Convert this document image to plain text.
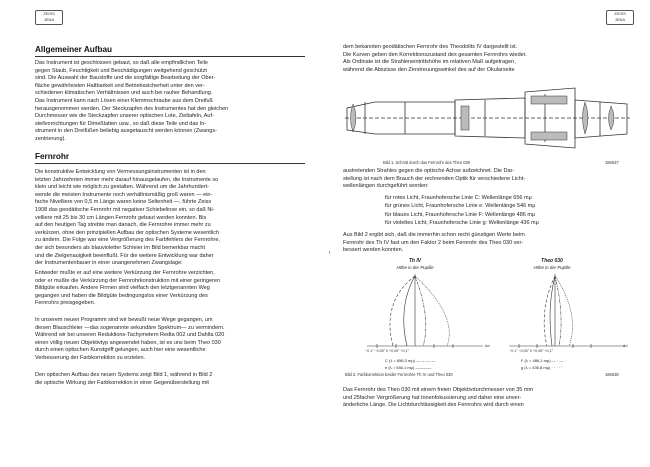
ZEISS
JENA
Allgemeiner Aufbau
Das Instrument ist geschlossen gebaut, so daß alle empfindlichen Teile
gegen Staub, Feuchtigkeit und Beschädigungen weitgehend geschützt
sind. Die Auswahl der Baustoffe und die sorgfältige Bearbeitung der Ober-
fläche gewährleisten Haltbarkeit und Betriebssicherheit unter den ver-
schiedenen klimatischen Verhältnissen und auch bei rauher Behandlung.
Das Instrument kann nach Lösen einer Klemmschraube aus dem Dreifuß
herausgenommen werden. Der Steckzapfen des Instrumentes hat den gleichen
Durchmesser wie die Steckzapfen unserer optischen Lote, Zieltafeln, Auf-
stellvorrichtungen für Dimeßlatten usw., so daß diese Teile und das In-
strument in den Dreifüßen beliebig ausgetauscht werden können (Zwangs-
zentrierung).
Fernrohr
Die konstruktive Entwicklung von Vermessungsinstrumenten ist in den
letzten Jahrzehnten immer mehr darauf hinausgelaufen, die Instrumente so
klein und leicht wie möglich zu gestalten. Während um die Jahrhundert-
wende die meisten Instrumente noch verhältnismäßig groß waren — ein-
fache Nivelliere von 0,5 m Länge waren keine Seltenheit —, führte Zeiss
1908 das geodätische Fernrohr mit negativer Schiebelinse ein, so daß Ni-
velliere mit 25 bis 30 cm Längen Fernrohr gebaut werden konnten. Bis
auf den heutigen Tag strebte man danach, die Fernrohre immer mehr zu
verkürzen, ohne den prinzipiellen Aufbau der optischen Systeme wesentlich
zu ändern. Die Folge war eine Vergrößerung des Farbfehlers der Fernrohre,
der sich besonders als blauvioletter Schleier im Bild bemerkbar macht
und die Zielgenauigkeit beeinflußt. Für die weitere Entwicklung war daher
der Instrumentenbauer in einer unangenehmen Zwangslage:
Entweder mußte er auf eine weitere Verkürzung der Fernrohre verzichten,
oder er mußte die Verkürzung der Fernrohrkonstruktion mit einer geringeren
Bildgüte erkaufen. Andere Firmen sind vielfach den letztgenannten Weg
gegangen und haben die Bildgüte bedingungslos einer Verkürzung des
Fernrohrs preisgegeben.
In unserem neuen Programm sind wir bewußt neue Wege gegangen, um
diesen Blauschleier —das sogenannte sekundäre Spektrum— zu vermindern.
Während wir bei unseren Reduktions-Tachymetern Redta 002 und Dahlta 020
einen völlig neuen Objektivtyp angewendet haben, ist es uns beim Theo 030
durch einen optischen Kunstgriff gelungen, auch hier eine wesentliche
Verbesserung der Farbkorrektion zu erzielen.
Den optischen Aufbau des neuen Systems zeigt Bild 1, während in Bild 2
die optische Wirkung der Farbkorrektion in einer Gegenüberstellung mit
ZEISS
JENA
dem bekannten geodätischen Fernrohr des Theodolits IV dargestellt ist.
Die Kurven geben den Korrektionszustand des gesamten Fernrohrs wieder.
Als Ordinate ist die Strahleneintrittshöhe im relativen Maß aufgetragen,
während die Abszisse den Zerstreuungswinkel des auf der Okularseite
Bild 1. Schnitt durch das Fernrohr des Theo 030	186537
austretenden Strahles gegen die optische Achse aufzeichnet. Die Dar-
stellung ist nach dem Brauch der rechnenden Optik für verschiedene Licht-
wellenlängen durchgeführt worden:
für rotes Licht, Fraunhofersche Linie C: Wellenlänge 656 mμ
für grünes Licht, Fraunhofersche Linie e: Wellenlänge 546 mμ
für blaues Licht, Fraunhofersche Linie F: Wellenlänge 486 mμ
für violettes Licht, Fraunhofersche Linie g: Wellenlänge 436 mμ
Aus Bild 2 ergibt sich, daß die immerhin schon recht günstigen Werte beim
Fernrohr des Th IV fast um den Faktor 2 beim Fernrohr des Theo 030 ver-
bessert werden konnten.
Th IV
Höhe in der Pupille
Theo 030
Höhe in der Pupille
−0,1° −0,05° 0 +0,05° +0,1°
Δα'
−0,1° −0,05° 0 +0,05° +0,1°
Δα'
C (λ = 656,3 mμ) — — — —
e (λ = 546,1 mμ) ————
F (λ = 486,1 mμ) — · — ·
g (λ = 435,8 mμ) · · · · ·
Bild 2. Farbkorrektion beider Fernrohre Th IV und Theo 030	186538
Das Fernrohr des Theo 030 mit einem freien Objektivdurchmesser von 35 mm
und 25facher Vergrößerung hat Innenfokussierung und daher eine unver-
änderliche Länge. Die Lichtdurchlässigkeit des Fernrohrs wird durch einen
ι
